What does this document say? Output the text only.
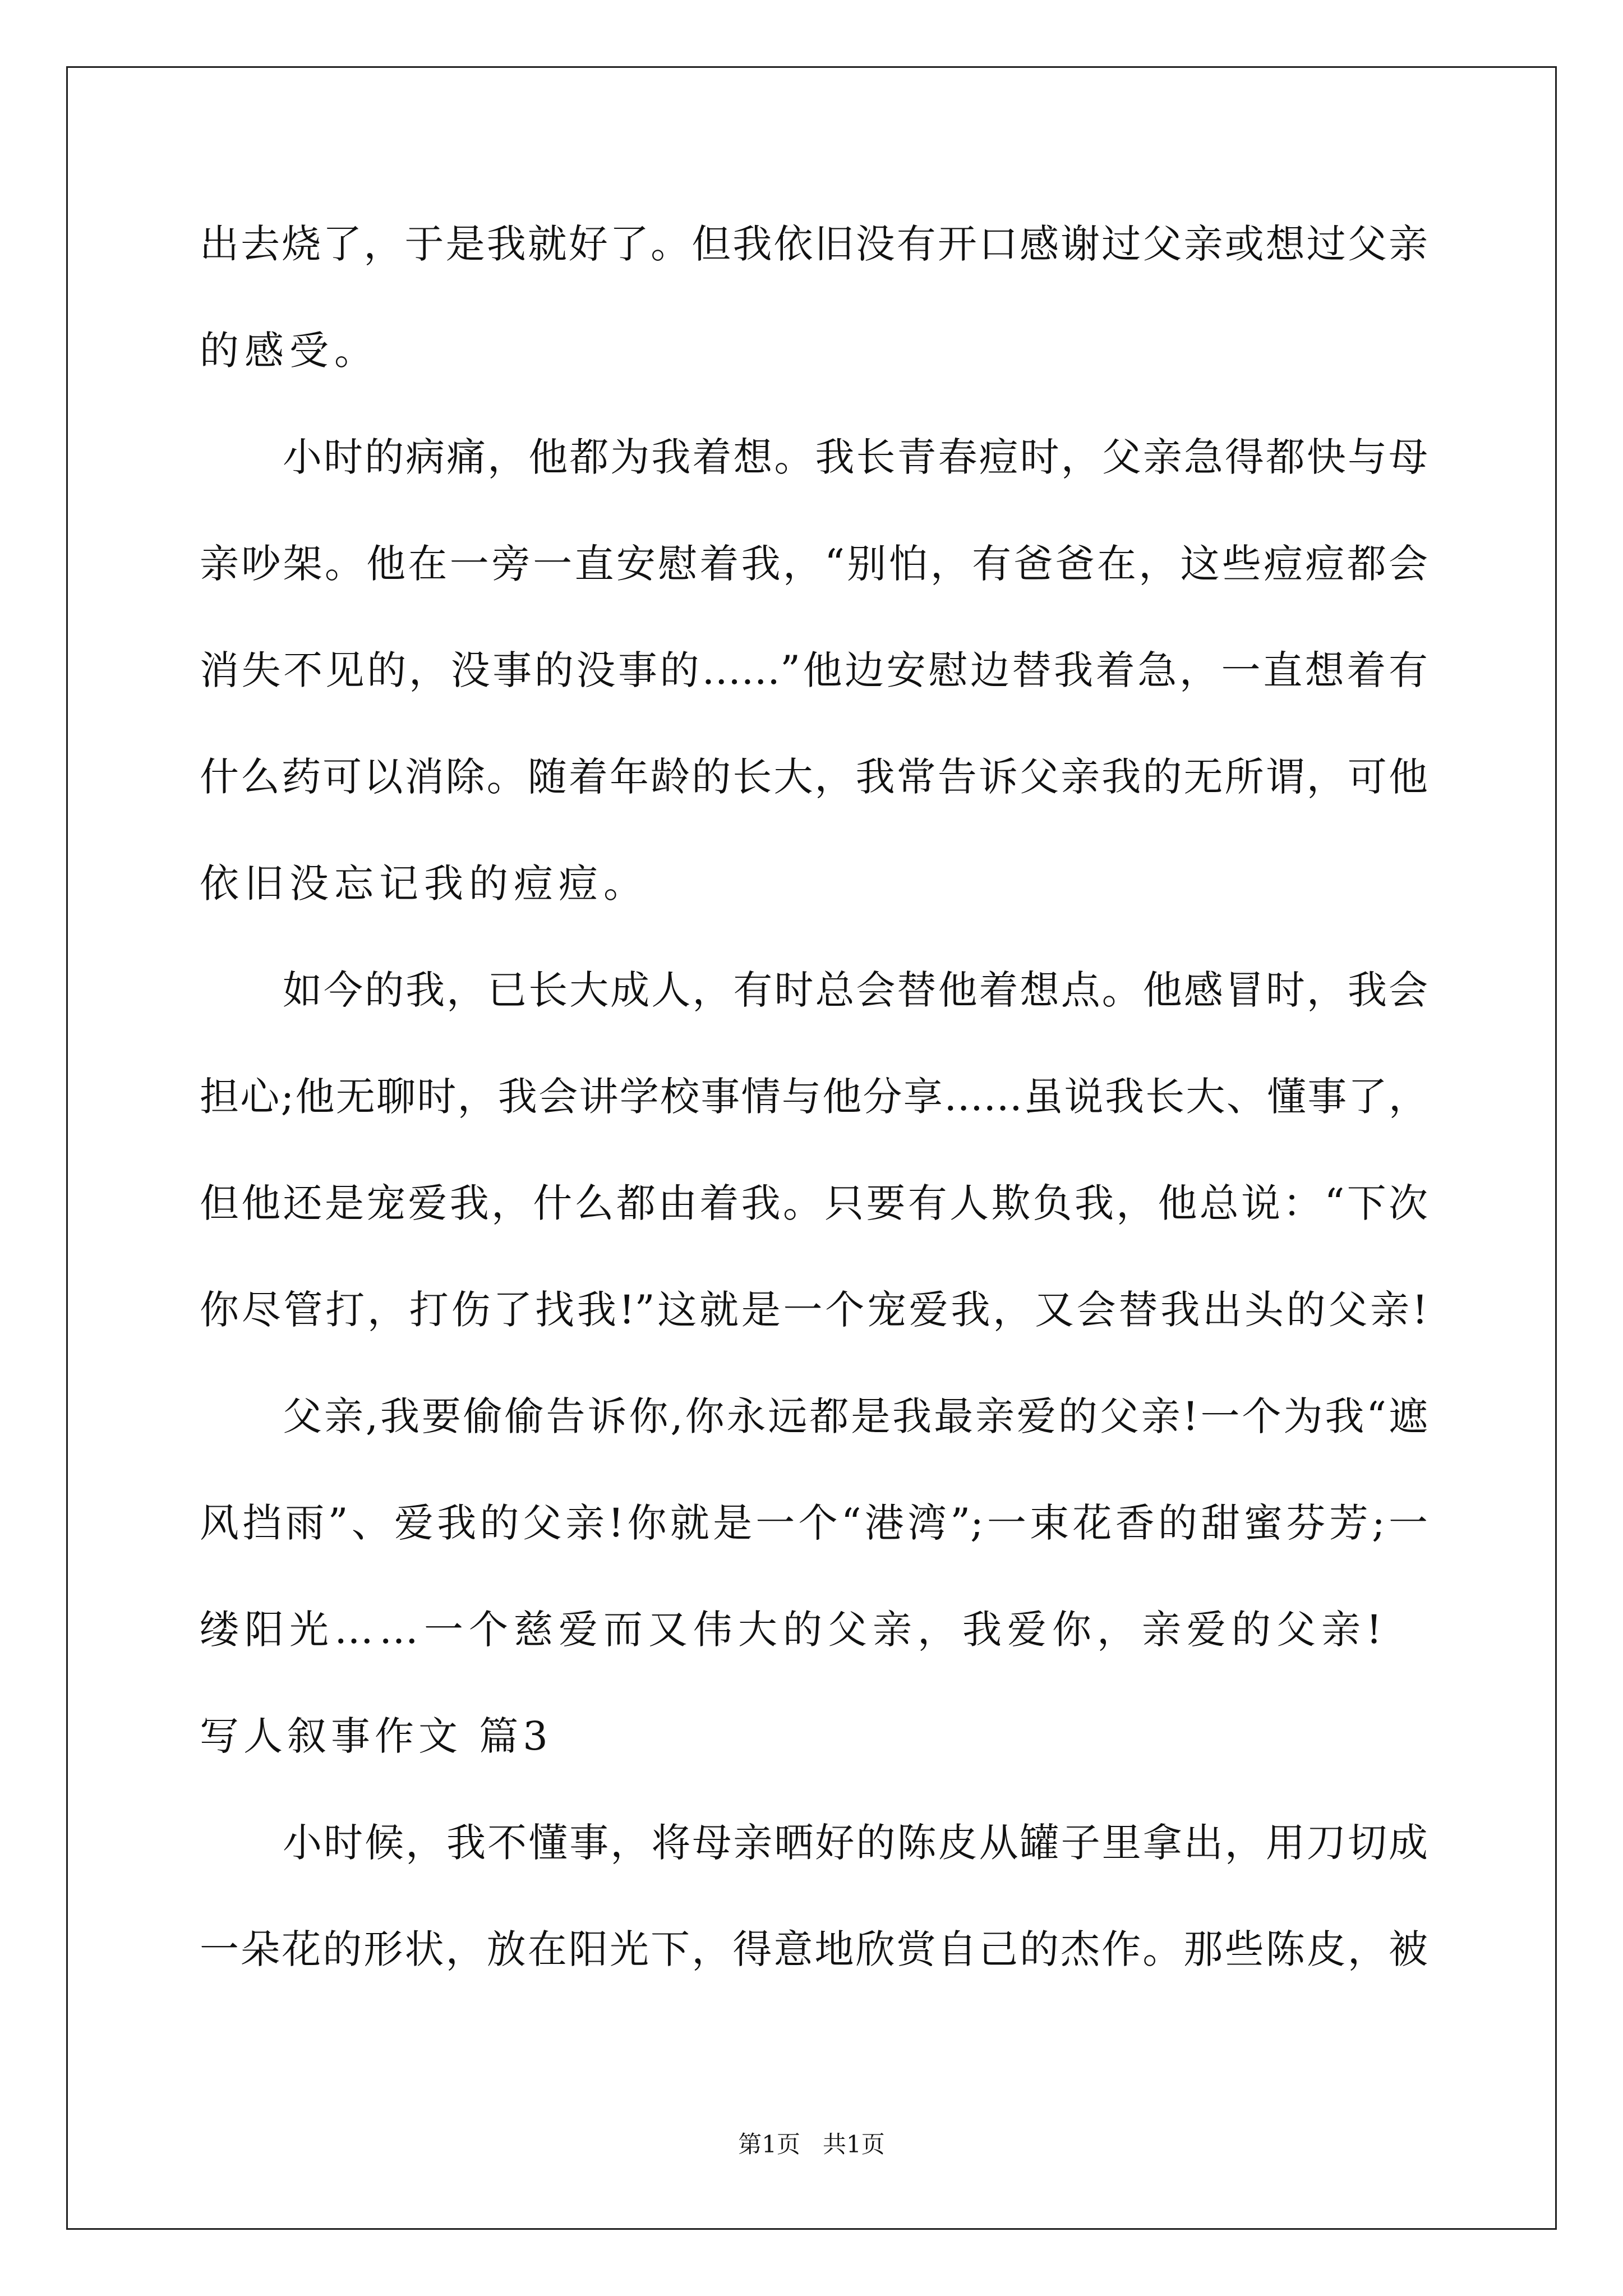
出去烧了，于是我就好了。但我依旧没有开口感谢过父亲或想过父亲
的感受。
小时的病痛，他都为我着想。我长青春痘时，父亲急得都快与母
亲吵架。他在一旁一直安慰着我，“别怕，有爸爸在，这些痘痘都会
消失不见的，没事的没事的……”他边安慰边替我着急，一直想着有
什么药可以消除。随着年龄的长大，我常告诉父亲我的无所谓，可他
依旧没忘记我的痘痘。
如今的我，已长大成人，有时总会替他着想点。他感冒时，我会
担心;他无聊时，我会讲学校事情与他分享……虽说我长大、懂事了，
但他还是宠爱我，什么都由着我。只要有人欺负我，他总说：“下次
你尽管打，打伤了找我!”这就是一个宠爱我，又会替我出头的父亲!
父亲,我要偷偷告诉你,你永远都是我最亲爱的父亲!一个为我“遮
风挡雨”、爱我的父亲!你就是一个“港湾”;一束花香的甜蜜芬芳;一
缕阳光……一个慈爱而又伟大的父亲，我爱你，亲爱的父亲!
写人叙事作文 篇3
小时候，我不懂事，将母亲晒好的陈皮从罐子里拿出，用刀切成
一朵花的形状，放在阳光下，得意地欣赏自己的杰作。那些陈皮，被
第1页   共1页
